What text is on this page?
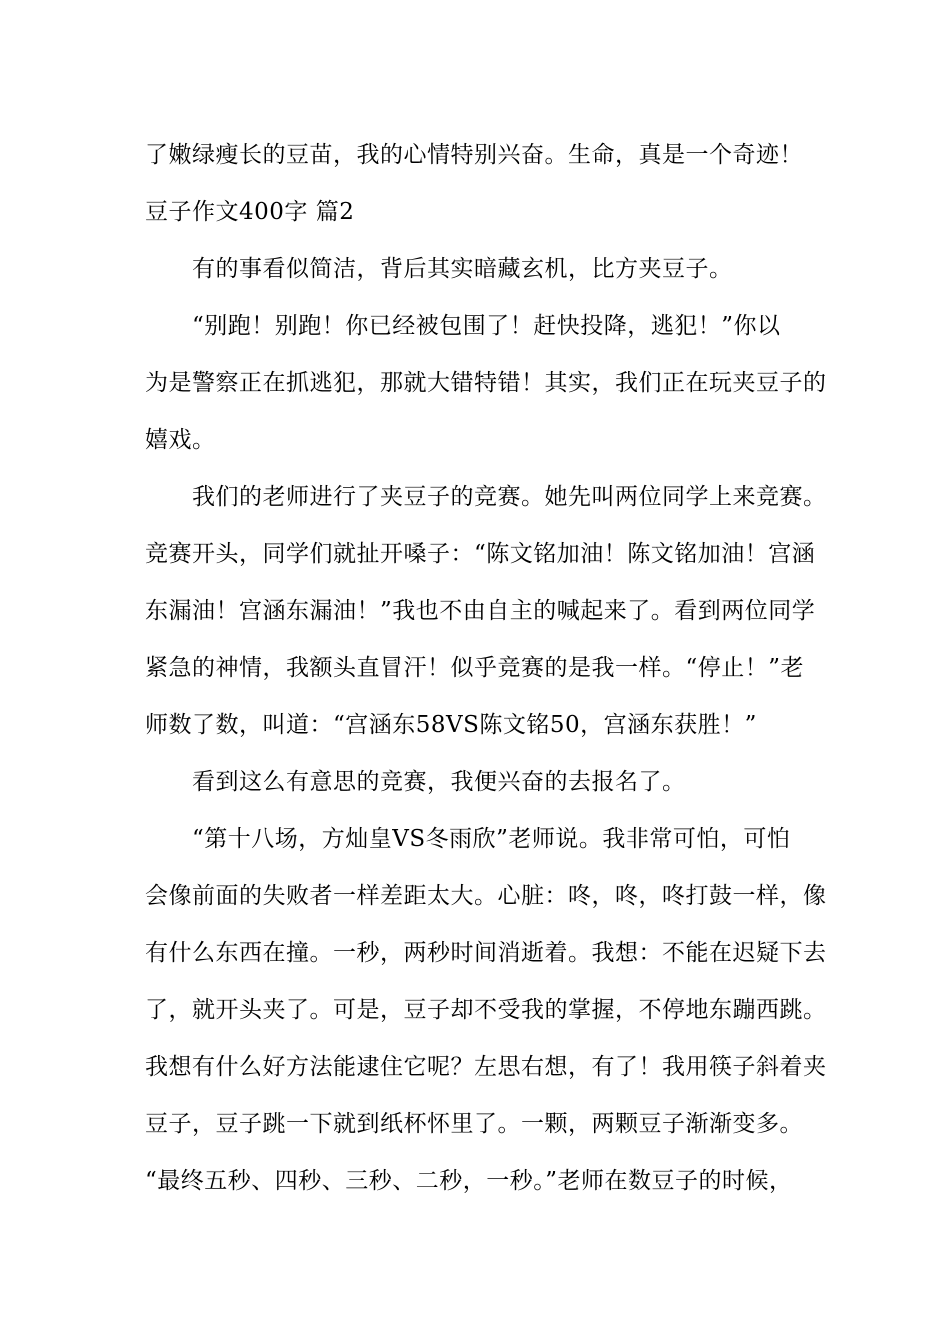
了嫩绿瘦长的豆苗，我的心情特别兴奋。生命，真是一个奇迹！
豆子作文400字 篇2
　　有的事看似简洁，背后其实暗藏玄机，比方夹豆子。
　　“别跑！别跑！你已经被包围了！赶快投降，逃犯！”你以
为是警察正在抓逃犯，那就大错特错！其实，我们正在玩夹豆子的
嬉戏。
　　我们的老师进行了夹豆子的竞赛。她先叫两位同学上来竞赛。
竞赛开头，同学们就扯开嗓子：“陈文铭加油！陈文铭加油！宫涵
东漏油！宫涵东漏油！”我也不由自主的喊起来了。看到两位同学
紧急的神情，我额头直冒汗！似乎竞赛的是我一样。“停止！”老
师数了数，叫道：“宫涵东58VS陈文铭50，宫涵东获胜！”
　　看到这么有意思的竞赛，我便兴奋的去报名了。
　　“第十八场，方灿皇VS冬雨欣”老师说。我非常可怕，可怕
会像前面的失败者一样差距太大。心脏：咚，咚，咚打鼓一样，像
有什么东西在撞。一秒，两秒时间消逝着。我想：不能在迟疑下去
了，就开头夹了。可是，豆子却不受我的掌握，不停地东蹦西跳。
我想有什么好方法能逮住它呢？左思右想，有了！我用筷子斜着夹
豆子，豆子跳一下就到纸杯怀里了。一颗，两颗豆子渐渐变多。
“最终五秒、四秒、三秒、二秒，一秒。”老师在数豆子的时候，
